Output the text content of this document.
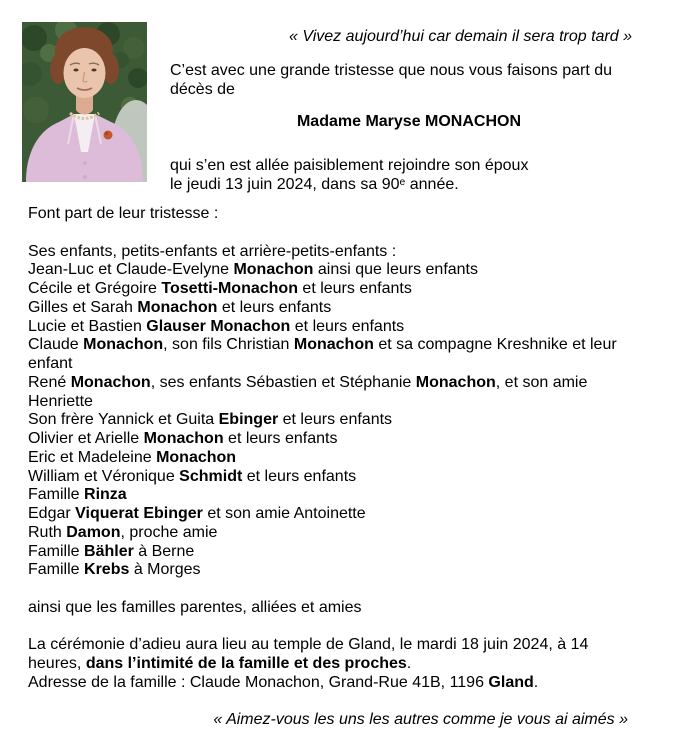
« Vivez aujourd’hui car demain il sera trop tard »
C’est avec une grande tristesse que nous vous faisons part du
décès de
Madame Maryse MONACHON
qui s’en est allée paisiblement rejoindre son époux
le jeudi 13 juin 2024, dans sa 90e année.
Font part de leur tristesse :
Ses enfants, petits-enfants et arrière-petits-enfants :
Jean-Luc et Claude-Evelyne Monachon ainsi que leurs enfants
Cécile et Grégoire Tosetti-Monachon et leurs enfants
Gilles et Sarah Monachon et leurs enfants
Lucie et Bastien Glauser Monachon et leurs enfants
Claude Monachon, son fils Christian Monachon et sa compagne Kreshnike et leur
enfant
René Monachon, ses enfants Sébastien et Stéphanie Monachon, et son amie
Henriette
Son frère Yannick et Guita Ebinger et leurs enfants
Olivier et Arielle Monachon et leurs enfants
Eric et Madeleine Monachon
William et Véronique Schmidt et leurs enfants
Famille Rinza
Edgar Viquerat Ebinger et son amie Antoinette
Ruth Damon, proche amie
Famille Bähler à Berne
Famille Krebs à Morges
ainsi que les familles parentes, alliées et amies
La cérémonie d’adieu aura lieu au temple de Gland, le mardi 18 juin 2024, à 14
heures, dans l’intimité de la famille et des proches.
Adresse de la famille : Claude Monachon, Grand-Rue 41B, 1196 Gland.
« Aimez-vous les uns les autres comme je vous ai aimés »
